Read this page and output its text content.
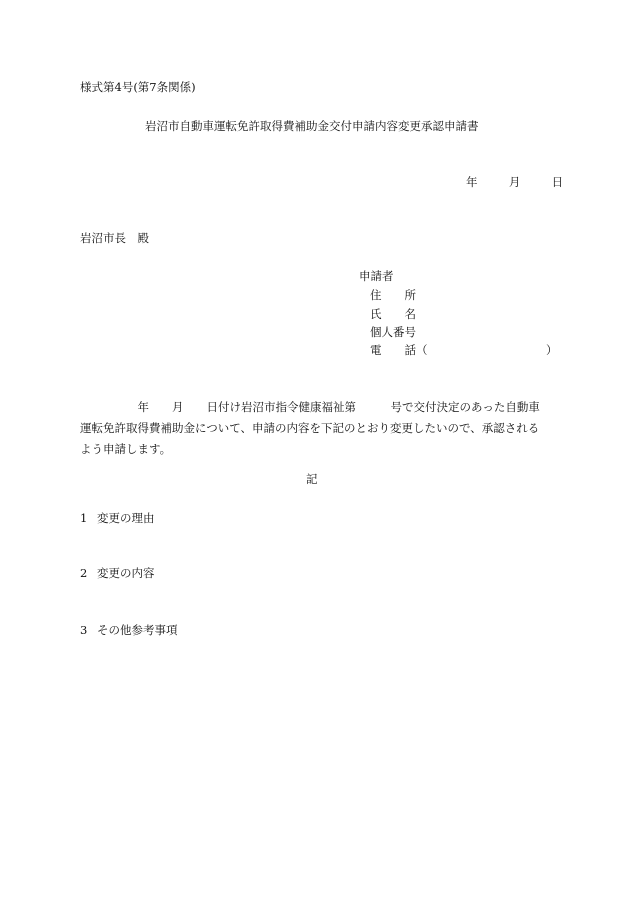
様式第4号(第7条関係)
岩沼市自動車運転免許取得費補助金交付申請内容変更承認申請書
年	月	日
岩沼市長　殿
申請者
住　　所
氏　　名
個人番号
電　　話（	）
　　　　　年　　月　　日付け岩沼市指令健康福祉第　　　号で交付決定のあった自動車
運転免許取得費補助金について、申請の内容を下記のとおり変更したいので、承認される
よう申請します。
記
1 変更の理由
2 変更の内容
3 その他参考事項
